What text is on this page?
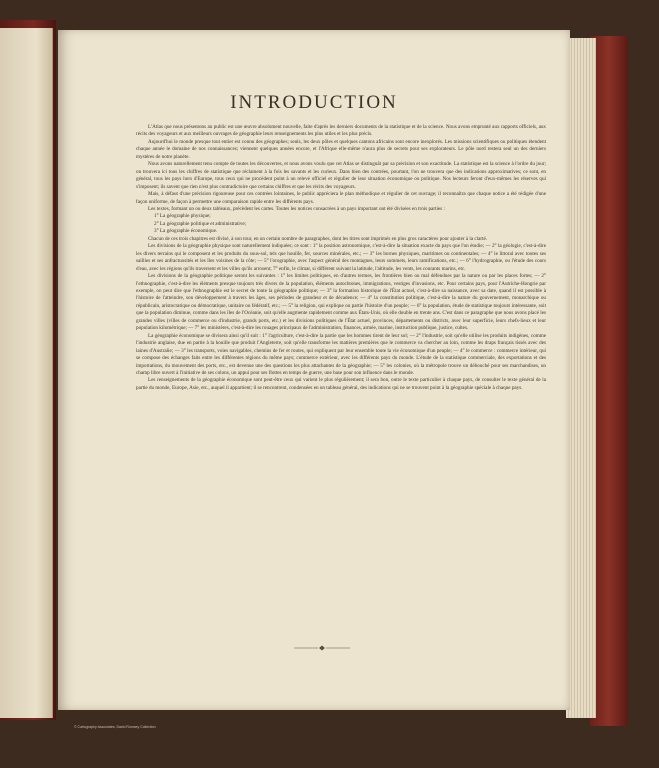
INTRODUCTION

L'Atlas que nous présentons au public est une œuvre absolument nouvelle, faite d'après les derniers documents de la statistique et de la science. Nous avons emprunté aux rapports officiels, aux récits des voyageurs et aux meilleurs ouvrages de géographie leurs renseignements les plus utiles et les plus précis.

Aujourd'hui le monde presque tout entier est connu des géographes; seuls, les deux pôles et quelques cantons africains sont encore inexplorés. Les missions scientifiques ou politiques étendent chaque année le domaine de nos connaissances; viennent quelques années encore, et l'Afrique elle-même n'aura plus de secrets pour ses explorateurs. Le pôle nord restera seul un des derniers mystères de notre planète.

Nous avons naturellement tenu compte de toutes les découvertes, et nous avons voulu que cet Atlas se distinguât par sa précision et son exactitude. La statistique est la science à l'ordre du jour; on trouvera ici tous les chiffres de statistique que réclament à la fois les savants et les curieux. Dans bien des contrées, pourtant, l'on ne trouvera que des indications approximatives; ce sont, en général, tous les pays hors d'Europe, tous ceux qui ne procèdent point à un relevé officiel et régulier de leur situation économique ou politique. Nos lecteurs feront d'eux-mêmes les réserves qui s'imposent; ils savent que rien n'est plus contradictoire que certains chiffres et que les récits des voyageurs.

Mais, à défaut d'une précision rigoureuse pour ces contrées lointaines, le public appréciera le plan méthodique et régulier de cet ouvrage; il reconnaîtra que chaque notice a été rédigée d'une façon uniforme, de façon à permettre une comparaison rapide entre les différents pays.

Les textes, formant un ou deux tableaux, précèdent les cartes. Toutes les notices consacrées à un pays important ont été divisées en trois parties :

1° La géographie physique;

2° La géographie politique et administrative;

3° La géographie économique.

Chacun de ces trois chapitres est divisé, à son tour, en un certain nombre de paragraphes, dont les titres sont imprimés en plus gros caractères pour ajouter à la clarté.

Les divisions de la géographie physique sont naturellement indiquées; ce sont : 1° la position astronomique, c'est-à-dire la situation exacte du pays que l'on étudie; — 2° la géologie, c'est-à-dire les divers terrains qui le composent et les produits du sous-sol, tels que houille, fer, sources minérales, etc.; — 3° les bornes physiques, maritimes ou continentales; — 4° le littoral avec toutes ses saillies et ses anfractuosités et les îles voisines de la côte; — 5° l'orographie, avec l'aspect général des montagnes, leurs sommets, leurs ramifications, etc.; — 6° l'hydrographie, ou l'étude des cours d'eau, avec les régions qu'ils traversent et les villes qu'ils arrosent; 7° enfin, le climat, si différent suivant la latitude, l'altitude, les vents, les courants marins, etc.

Les divisions de la géographie politique seront les suivantes : 1° les limites politiques, en d'autres termes, les frontières bien ou mal défendues par la nature ou par les places fortes; — 2° l'ethnographie, c'est-à-dire les éléments presque toujours très divers de la population, éléments autochtones, immigrations, vestiges d'invasions, etc. Pour certains pays, pour l'Autriche-Hongrie par exemple, on peut dire que l'ethnographie est le secret de toute la géographie politique; — 3° la formation historique de l'État actuel, c'est-à-dire sa naissance, avec sa date, quand il est possible à l'histoire de l'atteindre, son développement à travers les âges, ses périodes de grandeur et de décadence; — 4° la constitution politique, c'est-à-dire la nature du gouvernement, monarchique ou républicain, aristocratique ou démocratique, unitaire ou fédératif, etc.; — 5° la religion, qui explique ou partie l'histoire d'un peuple; — 6° la population, étude de statistique toujours intéressante, soit que la population diminue, comme dans les îles de l'Océanie, soit qu'elle augmente rapidement comme aux États-Unis, où elle double en trente ans. C'est dans ce paragraphe que nous avons placé les grandes villes (villes de commerce ou d'industrie, grands ports, etc.) et les divisions politiques de l'État actuel, provinces, départements ou districts, avec leur superficie, leurs chefs-lieux et leur population kilométrique; — 7° les ministères, c'est-à-dire les rouages principaux de l'administration, finances, armée, marine, instruction publique, justice, cultes.

La géographie économique se divisera ainsi qu'il suit : 1° l'agriculture, c'est-à-dire la partie que les hommes tirent de leur sol; — 2° l'industrie, soit qu'elle utilise les produits indigènes, comme l'industrie anglaise, due en partie à la houille que produit l'Angleterre, soit qu'elle transforme les matières premières que le commerce va chercher au loin, comme les draps français tissés avec des laines d'Australie; — 3° les transports, voies navigables, chemins de fer et routes, qui expliquent par leur ensemble toute la vie économique d'un peuple; — 4° le commerce : commerce intérieur, qui se compose des échanges faits entre les différentes régions du même pays; commerce extérieur, avec les différents pays du monde. L'étude de la statistique commerciale, des exportations et des importations, du mouvement des ports, etc., est devenue une des questions les plus attachantes de la géographie; — 5° les colonies, où la métropole trouve un débouché pour ses marchandises, un champ libre ouvert à l'initiative de ses colons, un appui pour ses flottes en temps de guerre, une base pour son influence dans le monde.

Les renseignements de la géographie économique sont peut-être ceux qui varient le plus régulièrement; il sera bon, outre le texte particulier à chaque pays, de consulter le texte général de la partie du monde, Europe, Asie, etc., auquel il appartient; il se rencontrent, condensées en un tableau général, des indications qui ne se trouvent point à la géographie spéciale à chaque pays.

© Cartography Associates, David Rumsey Collection
